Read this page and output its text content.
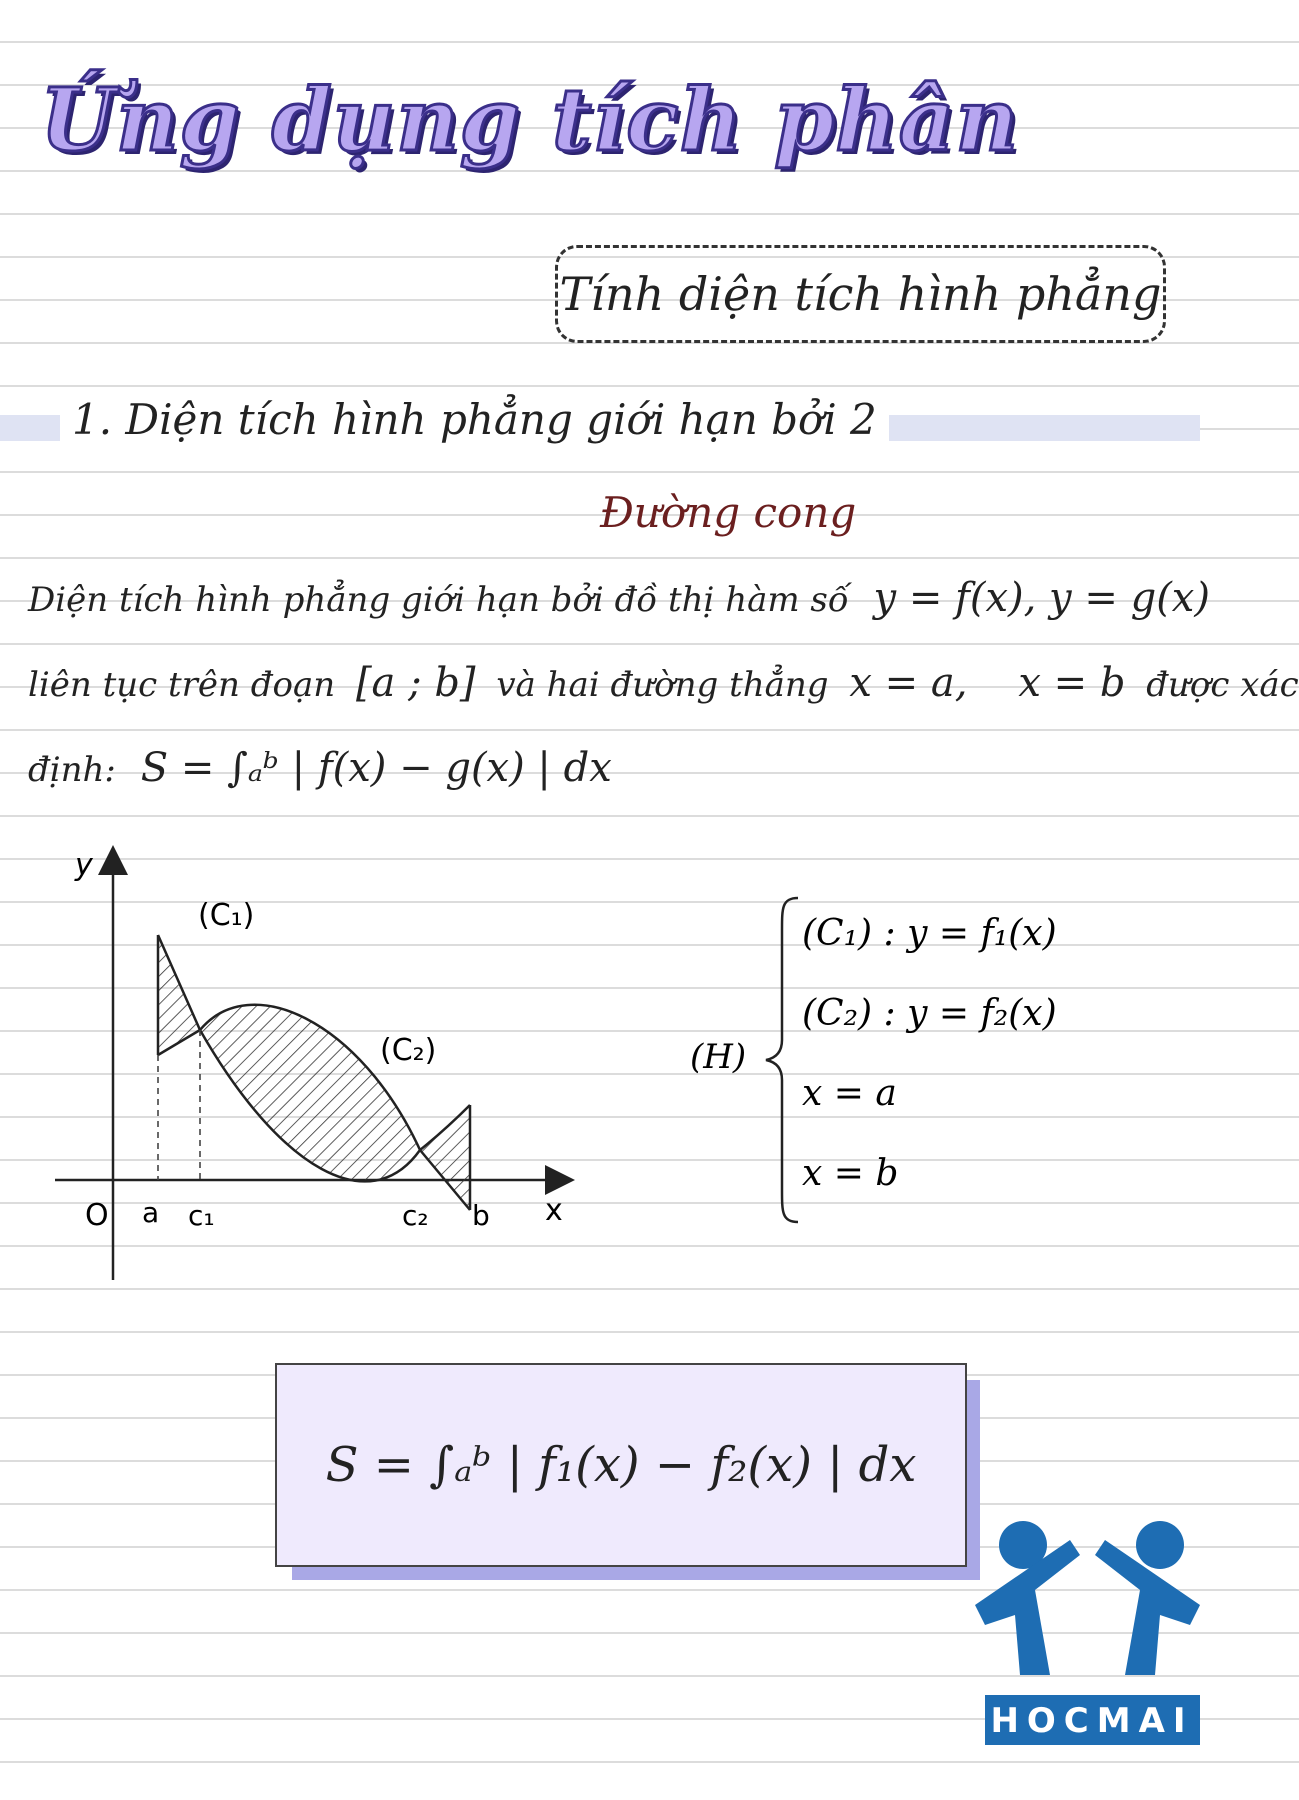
Ứng dụng tích phân
Tính diện tích hình phẳng
1. Diện tích hình phẳng giới hạn bởi 2
Đường cong
Diện tích hình phẳng giới hạn bởi đồ thị hàm số y = f(x), y = g(x)
liên tục trên đoạn [a ; b] và hai đường thẳng x = a,    x = b được xác
định: S = ∫ₐᵇ | f(x) − g(x) | dx
y
x
O
(C₁)
(C₂)
a c₁	c₂ b
(H)
(C₁) : y = f₁(x)
(C₂) : y = f₂(x)
x = a
x = b
S = ∫ₐᵇ | f₁(x) − f₂(x) | dx
HOCMAI
